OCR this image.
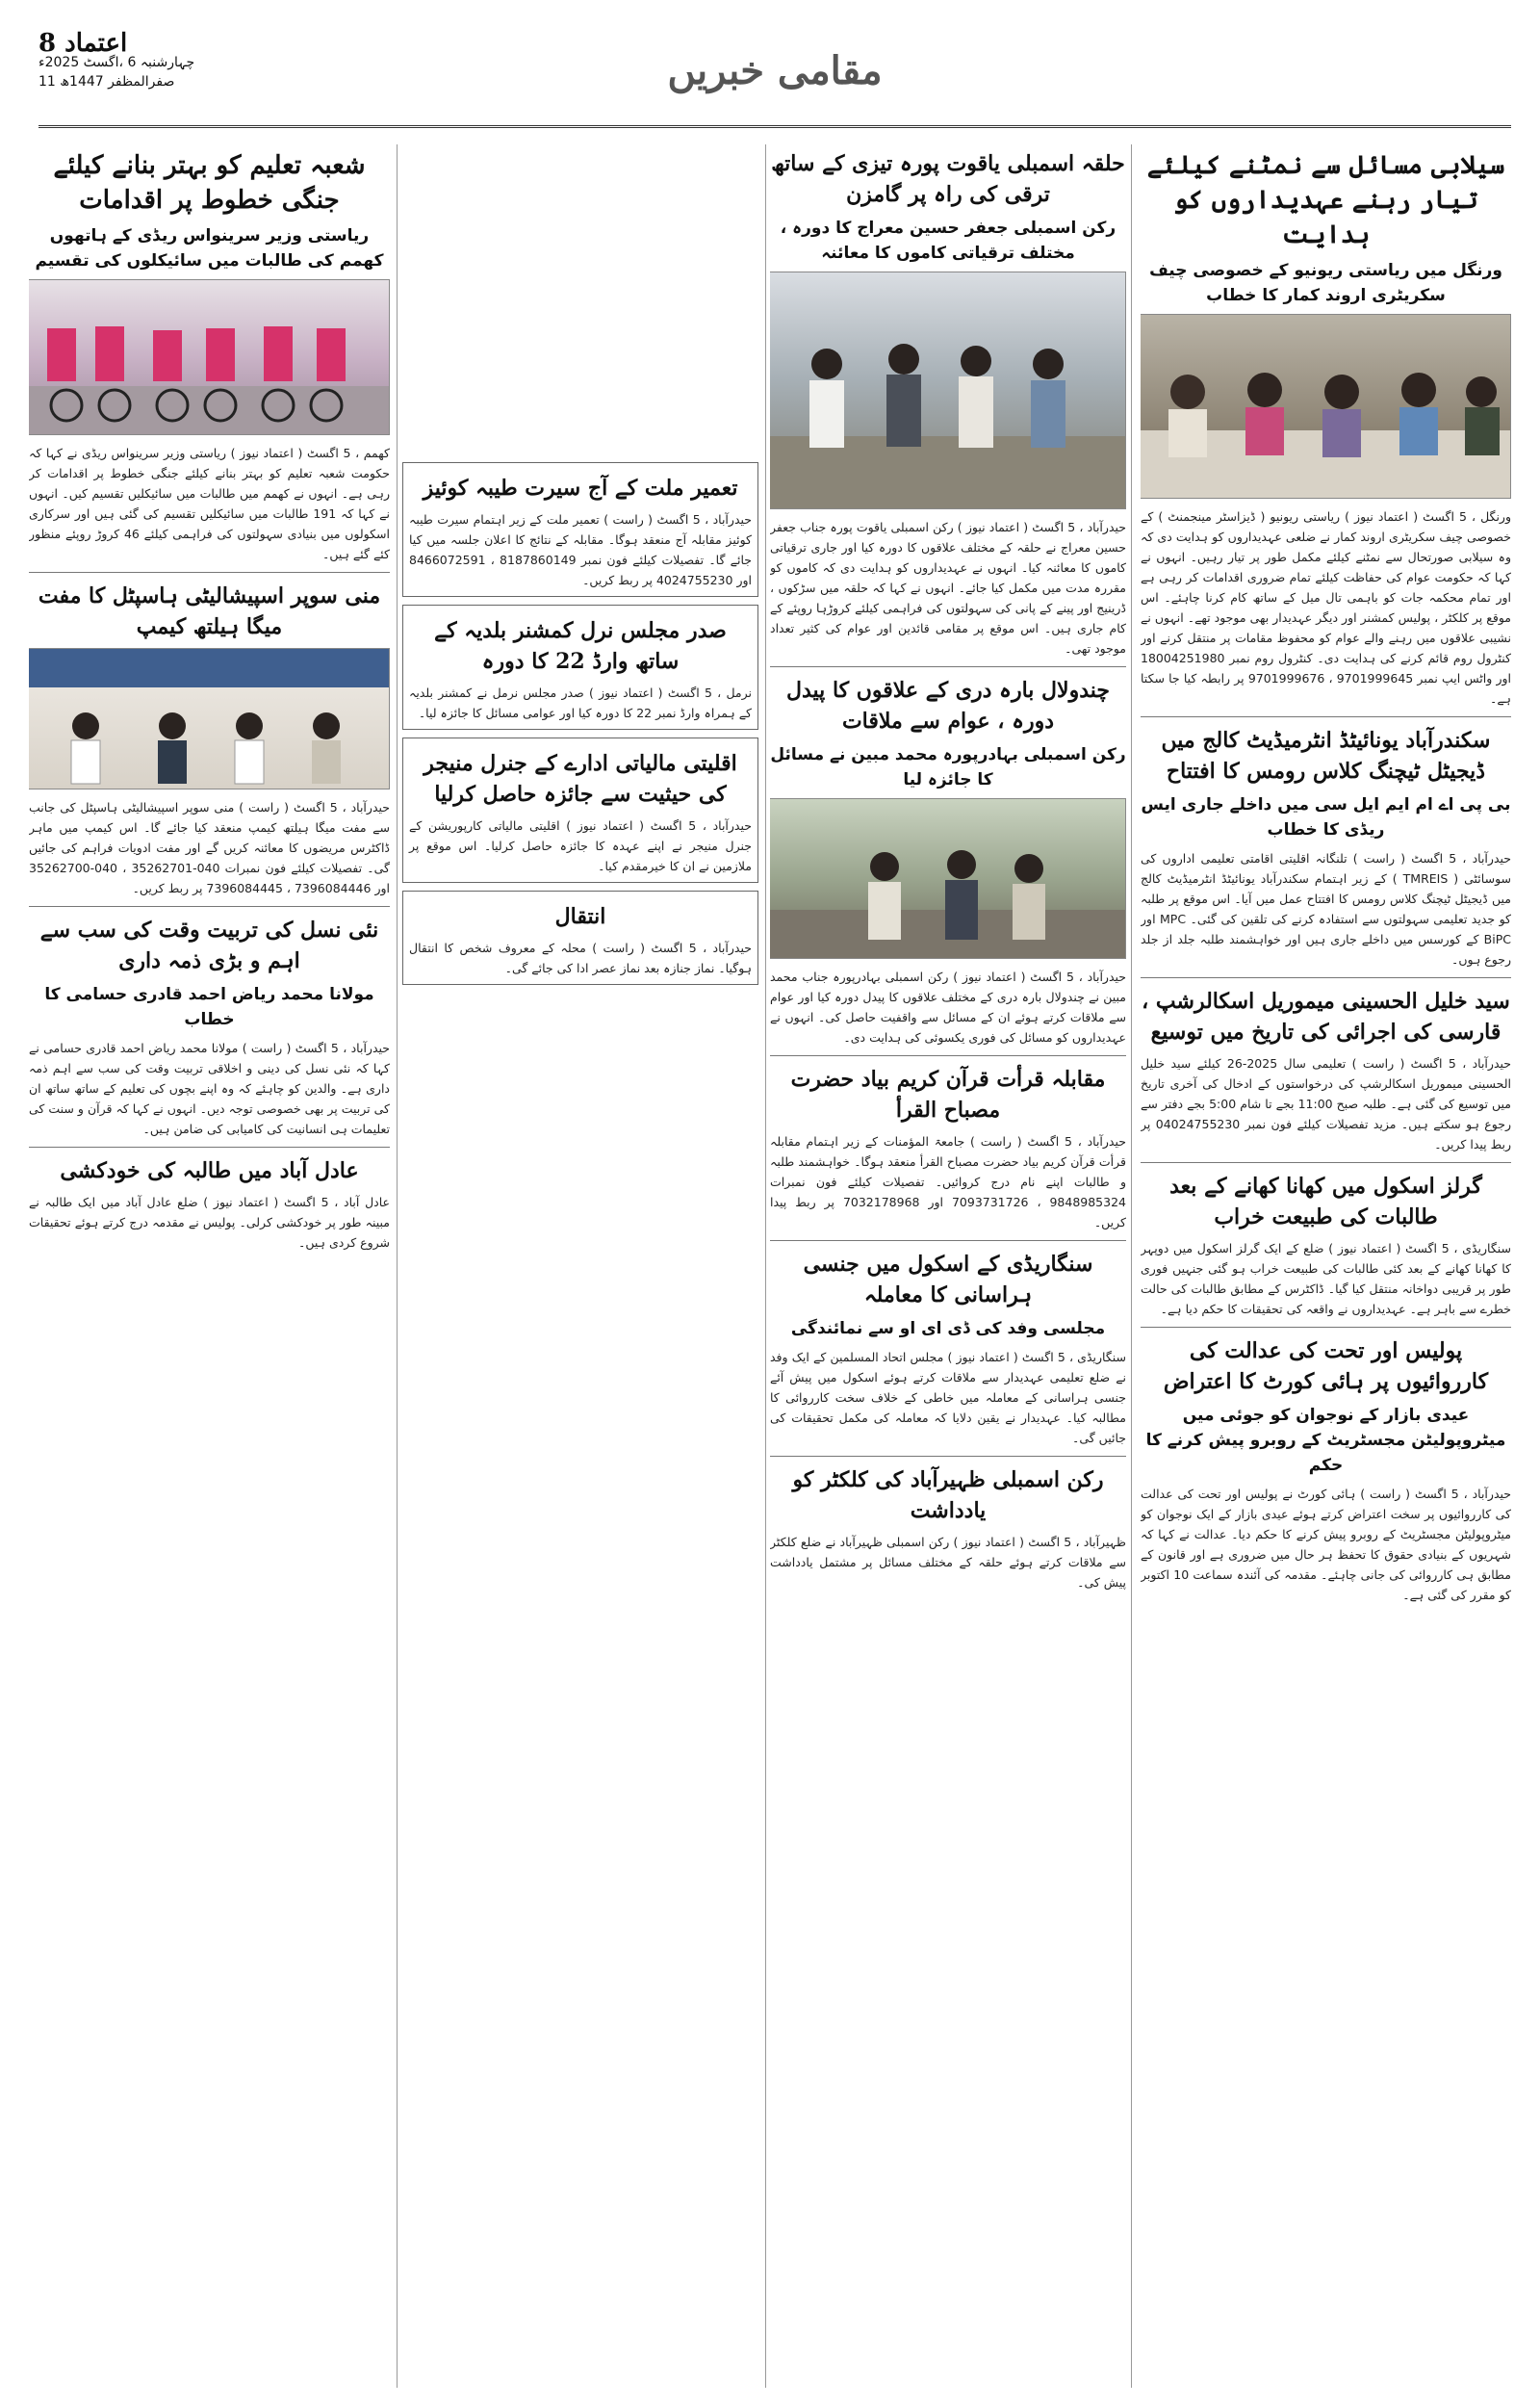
اعتماد 8
چہارشنبہ 6 ،اگسٹ 2025ء
11 صفرالمظفر 1447ھ	مقامی خبریں
سیلابی مسائل سے نمٹنے کیلئے تیار رہنے عہدیداروں کو ہدایت
ورنگل میں ریاستی ریونیو کے خصوصی چیف سکریٹری اروند کمار کا خطاب
ورنگل ، 5 اگسٹ ( اعتماد نیوز ) ریاستی ریونیو ( ڈیزاسٹر مینجمنٹ ) کے خصوصی چیف سکریٹری اروند کمار نے ضلعی عہدیداروں کو ہدایت دی کہ وہ سیلابی صورتحال سے نمٹنے کیلئے مکمل طور پر تیار رہیں۔ انہوں نے کہا کہ حکومت عوام کی حفاظت کیلئے تمام ضروری اقدامات کر رہی ہے اور تمام محکمہ جات کو باہمی تال میل کے ساتھ کام کرنا چاہئے۔ اس موقع پر کلکٹر ، پولیس کمشنر اور دیگر عہدیدار بھی موجود تھے۔ انہوں نے نشیبی علاقوں میں رہنے والے عوام کو محفوظ مقامات پر منتقل کرنے اور کنٹرول روم قائم کرنے کی ہدایت دی۔ کنٹرول روم نمبر 18004251980 اور واٹس ایپ نمبر 9701999645 ، 9701999676 پر رابطہ کیا جا سکتا ہے۔
سکندرآباد یونائیٹڈ انٹرمیڈیٹ کالج میں ڈیجیٹل ٹیچنگ کلاس رومس کا افتتاح
بی پی اے ام ایم ایل سی میں داخلے جاری ایس ریڈی کا خطاب
حیدرآباد ، 5 اگسٹ ( راست ) تلنگانہ اقلیتی اقامتی تعلیمی اداروں کی سوسائٹی ( TMREIS ) کے زیر اہتمام سکندرآباد یونائیٹڈ انٹرمیڈیٹ کالج میں ڈیجیٹل ٹیچنگ کلاس رومس کا افتتاح عمل میں آیا۔ اس موقع پر طلبہ کو جدید تعلیمی سہولتوں سے استفادہ کرنے کی تلقین کی گئی۔ MPC اور BiPC کے کورسس میں داخلے جاری ہیں اور خواہشمند طلبہ جلد از جلد رجوع ہوں۔
سید خلیل الحسینی میموریل اسکالرشپ ، قارسی کی اجرائی کی تاریخ میں توسیع
حیدرآباد ، 5 اگسٹ ( راست ) تعلیمی سال 2025-26 کیلئے سید خلیل الحسینی میموریل اسکالرشپ کی درخواستوں کے ادخال کی آخری تاریخ میں توسیع کی گئی ہے۔ طلبہ صبح 11:00 بجے تا شام 5:00 بجے دفتر سے رجوع ہو سکتے ہیں۔ مزید تفصیلات کیلئے فون نمبر 04024755230 پر ربط پیدا کریں۔
گرلز اسکول میں کھانا کھانے کے بعد طالبات کی طبیعت خراب
سنگاریڈی ، 5 اگسٹ ( اعتماد نیوز ) ضلع کے ایک گرلز اسکول میں دوپہر کا کھانا کھانے کے بعد کئی طالبات کی طبیعت خراب ہو گئی جنہیں فوری طور پر قریبی دواخانہ منتقل کیا گیا۔ ڈاکٹرس کے مطابق طالبات کی حالت خطرے سے باہر ہے۔ عہدیداروں نے واقعہ کی تحقیقات کا حکم دیا ہے۔
پولیس اور تحت کی عدالت کی کارروائیوں پر ہائی کورٹ کا اعتراض
عیدی بازار کے نوجوان کو جوئی میں میٹروپولیٹن مجسٹریٹ کے روبرو پیش کرنے کا حکم
حیدرآباد ، 5 اگسٹ ( راست ) ہائی کورٹ نے پولیس اور تحت کی عدالت کی کارروائیوں پر سخت اعتراض کرتے ہوئے عیدی بازار کے ایک نوجوان کو میٹروپولیٹن مجسٹریٹ کے روبرو پیش کرنے کا حکم دیا۔ عدالت نے کہا کہ شہریوں کے بنیادی حقوق کا تحفظ ہر حال میں ضروری ہے اور قانون کے مطابق ہی کارروائی کی جانی چاہئے۔ مقدمہ کی آئندہ سماعت 10 اکتوبر کو مقرر کی گئی ہے۔
حلقہ اسمبلی یاقوت پورہ تیزی کے ساتھ ترقی کی راہ پر گامزن
رکن اسمبلی جعفر حسین معراج کا دورہ ، مختلف ترقیاتی کاموں کا معائنہ
حیدرآباد ، 5 اگسٹ ( اعتماد نیوز ) رکن اسمبلی یاقوت پورہ جناب جعفر حسین معراج نے حلقہ کے مختلف علاقوں کا دورہ کیا اور جاری ترقیاتی کاموں کا معائنہ کیا۔ انہوں نے عہدیداروں کو ہدایت دی کہ کاموں کو مقررہ مدت میں مکمل کیا جائے۔ انہوں نے کہا کہ حلقہ میں سڑکوں ، ڈرینیج اور پینے کے پانی کی سہولتوں کی فراہمی کیلئے کروڑہا روپئے کے کام جاری ہیں۔ اس موقع پر مقامی قائدین اور عوام کی کثیر تعداد موجود تھی۔
چندولال بارہ دری کے علاقوں کا پیدل دورہ ، عوام سے ملاقات
رکن اسمبلی بہادرپورہ محمد مبین نے مسائل کا جائزہ لیا
حیدرآباد ، 5 اگسٹ ( اعتماد نیوز ) رکن اسمبلی بہادرپورہ جناب محمد مبین نے چندولال بارہ دری کے مختلف علاقوں کا پیدل دورہ کیا اور عوام سے ملاقات کرتے ہوئے ان کے مسائل سے واقفیت حاصل کی۔ انہوں نے عہدیداروں کو مسائل کی فوری یکسوئی کی ہدایت دی۔
مقابلہ قرأت قرآن کریم بیاد حضرت مصباح القرأ
حیدرآباد ، 5 اگسٹ ( راست ) جامعۃ المؤمنات کے زیر اہتمام مقابلہ قرأت قرآن کریم بیاد حضرت مصباح القرأ منعقد ہوگا۔ خواہشمند طلبہ و طالبات اپنے نام درج کروائیں۔ تفصیلات کیلئے فون نمبرات 9848985324 ، 7093731726 اور 7032178968 پر ربط پیدا کریں۔
سنگاریڈی کے اسکول میں جنسی ہراسانی کا معاملہ
مجلسی وفد کی ڈی ای او سے نمائندگی
سنگاریڈی ، 5 اگسٹ ( اعتماد نیوز ) مجلس اتحاد المسلمین کے ایک وفد نے ضلع تعلیمی عہدیدار سے ملاقات کرتے ہوئے اسکول میں پیش آئے جنسی ہراسانی کے معاملہ میں خاطی کے خلاف سخت کارروائی کا مطالبہ کیا۔ عہدیدار نے یقین دلایا کہ معاملہ کی مکمل تحقیقات کی جائیں گی۔
رکن اسمبلی ظہیرآباد کی کلکٹر کو یادداشت
ظہیرآباد ، 5 اگسٹ ( اعتماد نیوز ) رکن اسمبلی ظہیرآباد نے ضلع کلکٹر سے ملاقات کرتے ہوئے حلقہ کے مختلف مسائل پر مشتمل یادداشت پیش کی۔
تعمیر ملت کے آج سیرت طیبہ کوئیز
حیدرآباد ، 5 اگسٹ ( راست ) تعمیر ملت کے زیر اہتمام سیرت طیبہ کوئیز مقابلہ آج منعقد ہوگا۔ مقابلہ کے نتائج کا اعلان جلسہ میں کیا جائے گا۔ تفصیلات کیلئے فون نمبر 8187860149 ، 8466072591 اور 4024755230 پر ربط کریں۔
صدر مجلس نرل کمشنر بلدیہ کے ساتھ وارڈ 22 کا دورہ
نرمل ، 5 اگسٹ ( اعتماد نیوز ) صدر مجلس نرمل نے کمشنر بلدیہ کے ہمراہ وارڈ نمبر 22 کا دورہ کیا اور عوامی مسائل کا جائزہ لیا۔
اقلیتی مالیاتی ادارے کے جنرل منیجر کی حیثیت سے جائزہ حاصل کرلیا
حیدرآباد ، 5 اگسٹ ( اعتماد نیوز ) اقلیتی مالیاتی کارپوریشن کے جنرل منیجر نے اپنے عہدہ کا جائزہ حاصل کرلیا۔ اس موقع پر ملازمین نے ان کا خیرمقدم کیا۔
انتقال
حیدرآباد ، 5 اگسٹ ( راست ) محلہ کے معروف شخص کا انتقال ہوگیا۔ نماز جنازہ بعد نماز عصر ادا کی جائے گی۔
شعبہ تعلیم کو بہتر بنانے کیلئے جنگی خطوط پر اقدامات
ریاستی وزیر سرینواس ریڈی کے ہاتھوں کھمم کی طالبات میں سائیکلوں کی تقسیم
کھمم ، 5 اگسٹ ( اعتماد نیوز ) ریاستی وزیر سرینواس ریڈی نے کہا کہ حکومت شعبہ تعلیم کو بہتر بنانے کیلئے جنگی خطوط پر اقدامات کر رہی ہے۔ انہوں نے کھمم میں طالبات میں سائیکلیں تقسیم کیں۔ انہوں نے کہا کہ 191 طالبات میں سائیکلیں تقسیم کی گئی ہیں اور سرکاری اسکولوں میں بنیادی سہولتوں کی فراہمی کیلئے 46 کروڑ روپئے منظور کئے گئے ہیں۔
منی سوپر اسپیشالیٹی ہاسپٹل کا مفت میگا ہیلتھ کیمپ
حیدرآباد ، 5 اگسٹ ( راست ) منی سوپر اسپیشالیٹی ہاسپٹل کی جانب سے مفت میگا ہیلتھ کیمپ منعقد کیا جائے گا۔ اس کیمپ میں ماہر ڈاکٹرس مریضوں کا معائنہ کریں گے اور مفت ادویات فراہم کی جائیں گی۔ تفصیلات کیلئے فون نمبرات 040-35262701 ، 040-35262700 اور 7396084446 ، 7396084445 پر ربط کریں۔
نئی نسل کی تربیت وقت کی سب سے اہم و بڑی ذمہ داری
مولانا محمد ریاض احمد قادری حسامی کا خطاب
حیدرآباد ، 5 اگسٹ ( راست ) مولانا محمد ریاض احمد قادری حسامی نے کہا کہ نئی نسل کی دینی و اخلاقی تربیت وقت کی سب سے اہم ذمہ داری ہے۔ والدین کو چاہئے کہ وہ اپنے بچوں کی تعلیم کے ساتھ ساتھ ان کی تربیت پر بھی خصوصی توجہ دیں۔ انہوں نے کہا کہ قرآن و سنت کی تعلیمات ہی انسانیت کی کامیابی کی ضامن ہیں۔
عادل آباد میں طالبہ کی خودکشی
عادل آباد ، 5 اگسٹ ( اعتماد نیوز ) ضلع عادل آباد میں ایک طالبہ نے مبینہ طور پر خودکشی کرلی۔ پولیس نے مقدمہ درج کرتے ہوئے تحقیقات شروع کردی ہیں۔
